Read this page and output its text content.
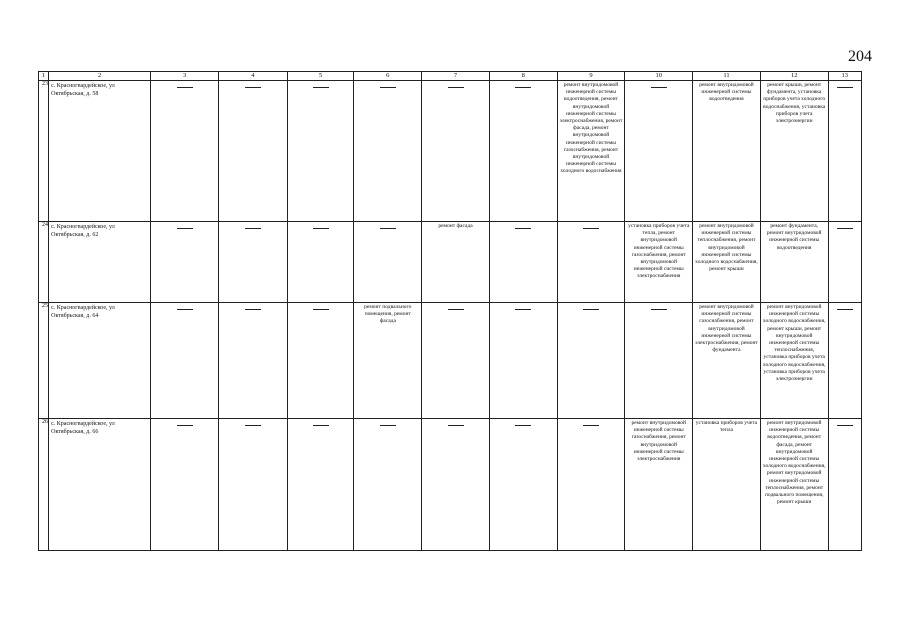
204
1	2	3	4	5	6	7	8	9	10	11	12	13
23	с. Красногвардейское, ул Октябрьская, д. 58							ремонт внутридомовой инженерной системы водоотведения, ремонт внутридомовой инженерной системы электроснабжения, ремонт фасада, ремонт внутридомовой инженерной системы газоснабжения, ремонт внутридомовой инженерной системы холодного водоснабжения		ремонт внутридомовой инженерной системы водоотведения	ремонт крыши, ремонт фундамента, установка приборов учета холодного водоснабжения, установка приборов учета электроэнергии	

24	с. Красногвардейское, ул Октябрьская, д. 62					ремонт фасада			установка приборов учета тепла, ремонт внутридомовой инженерной системы газоснабжения, ремонт внутридомовой инженерной системы электроснабжения	ремонт внутридомовой инженерной системы теплоснабжения, ремонт внутридомовой инженерной системы холодного водоснабжения, ремонт крыши	ремонт фундамента, ремонт внутридомовой инженерной системы водоотведения	

25	с. Красногвардейское, ул Октябрьская, д. 64				ремонт подвального помещения, ремонт фасада					ремонт внутридомовой инженерной системы газоснабжения, ремонт внутридомовой инженерной системы электроснабжения, ремонт фундамента	ремонт внутридомовой инженерной системы холодного водоснабжения, ремонт крыши, ремонт внутридомовой инженерной системы теплоснабжения, установка приборов учета холодного водоснабжения, установка приборов учета электроэнергии	

26	с. Красногвардейское, ул Октябрьская, д. 66								ремонт внутридомовой инженерной системы газоснабжения, ремонт внутридомовой инженерной системы электроснабжения	установка приборов учета тепла	ремонт внутридомовой инженерной системы водоотведения, ремонт фасада, ремонт внутридомовой инженерной системы холодного водоснабжения, ремонт внутридомовой инженерной системы теплоснабжения, ремонт подвального помещения, ремонт крыши	
